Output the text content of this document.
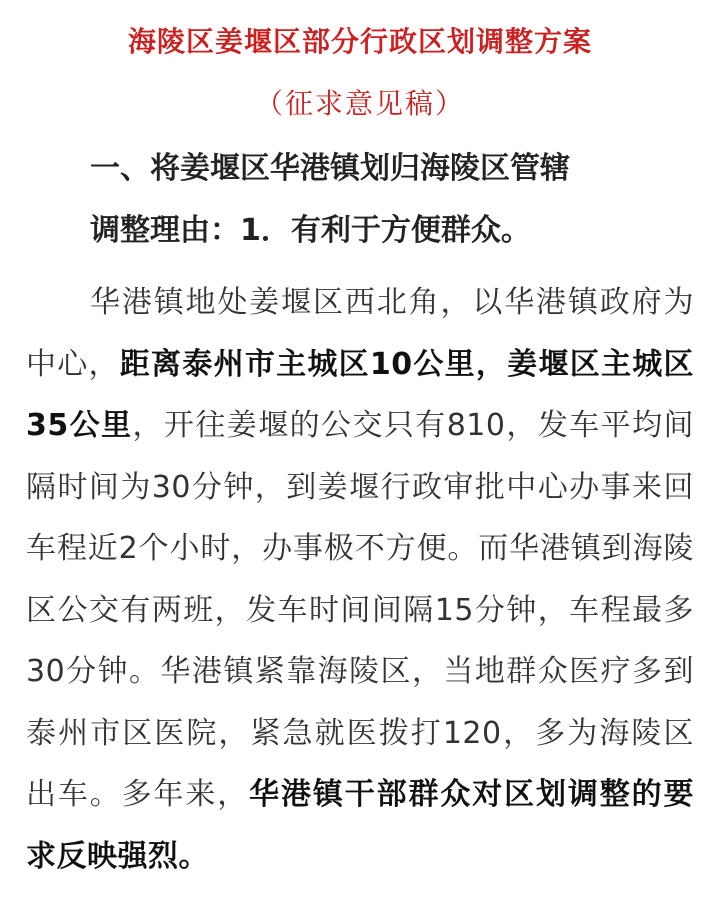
海陵区姜堰区部分行政区划调整方案
（征求意见稿）
一、将姜堰区华港镇划归海陵区管辖
调整理由：1．有利于方便群众。

华港镇地处姜堰区西北角，以华港镇政府为中心，距离泰州市主城区10公里，姜堰区主城区35公里，开往姜堰的公交只有810，发车平均间隔时间为30分钟，到姜堰行政审批中心办事来回车程近2个小时，办事极不方便。而华港镇到海陵区公交有两班，发车时间间隔15分钟，车程最多30分钟。华港镇紧靠海陵区，当地群众医疗多到泰州市区医院，紧急就医拨打120，多为海陵区出车。多年来，华港镇干部群众对区划调整的要求反映强烈。
